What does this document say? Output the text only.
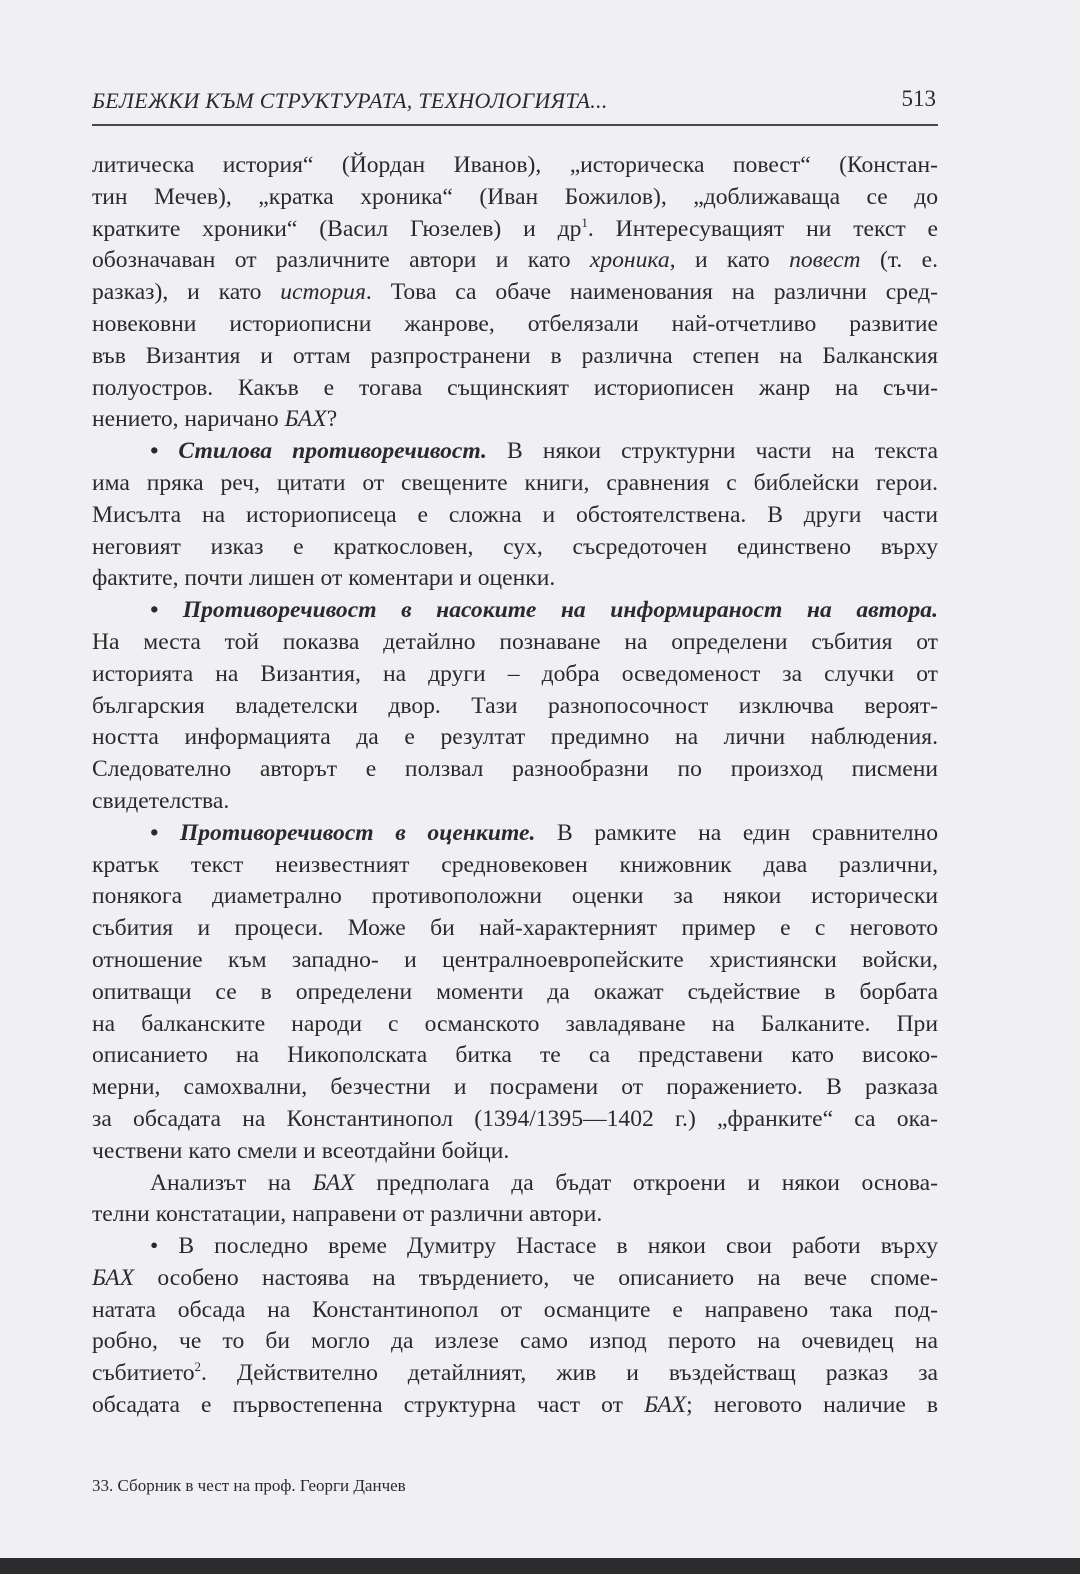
БЕЛЕЖКИ КЪМ СТРУКТУРАТА, ТЕХНОЛОГИЯТА...	513
литическа история“ (Йордан Иванов), „историческа повест“ (Констан-
тин Мечев), „кратка хроника“ (Иван Божилов), „доближаваща се до
кратките хроники“ (Васил Гюзелев) и $др^1$. Интересуващият ни текст е
обозначаван от различните автори и като хроника, и като повест (т. е.
разказ), и като история. Това са обаче наименования на различни сред-
новековни историописни жанрове, отбелязали най-отчетливо развитие
във Византия и оттам разпространени в различна степен на Балканския
полуостров. Какъв е тогава същинският историописен жанр на съчи-
нението, наричано БАХ?
• Стилова противоречивост. В някои структурни части на текста
има пряка реч, цитати от свещените книги, сравнения с библейски герои.
Мисълта на историописеца е сложна и обстоятелствена. В други части
неговият изказ е краткословен, сух, съсредоточен единствено върху
фактите, почти лишен от коментари и оценки.
• Противоречивост в насоките на информираност на автора.
На места той показва детайлно познаване на определени събития от
историята на Византия, на други – добра осведоменост за случки от
българския владетелски двор. Тази разнопосочност изключва вероят-
ността информацията да е резултат предимно на лични наблюдения.
Следователно авторът е ползвал разнообразни по произход писмени
свидетелства.
• Противоречивост в оценките. В рамките на един сравнително
кратък текст неизвестният средновековен книжовник дава различни,
понякога диаметрално противоположни оценки за някои исторически
събития и процеси. Може би най-характерният пример е с неговото
отношение към западно- и централноевропейските християнски войски,
опитващи се в определени моменти да окажат съдействие в борбата
на балканските народи с османското завладяване на Балканите. При
описанието на Никополската битка те са представени като високо-
мерни, самохвални, безчестни и посрамени от поражението. В разказа
за обсадата на Константинопол (1394/1395—1402 г.) „франките“ са ока-
чествени като смели и всеотдайни бойци.
Анализът на БАХ предполага да бъдат откроени и някои основа-
телни констатации, направени от различни автори.
• В последно време Думитру Настасе в някои свои работи върху
БАХ особено настоява на твърдението, че описанието на вече споме-
натата обсада на Константинопол от османците е направено така под-
робно, че то би могло да излезе само изпод перото на очевидец на
събитието$^2$. Действително детайлният, жив и въздействащ разказ за
обсадата е първостепенна структурна част от БАХ; неговото наличие в
33. Сборник в чест на проф. Георги Данчев
